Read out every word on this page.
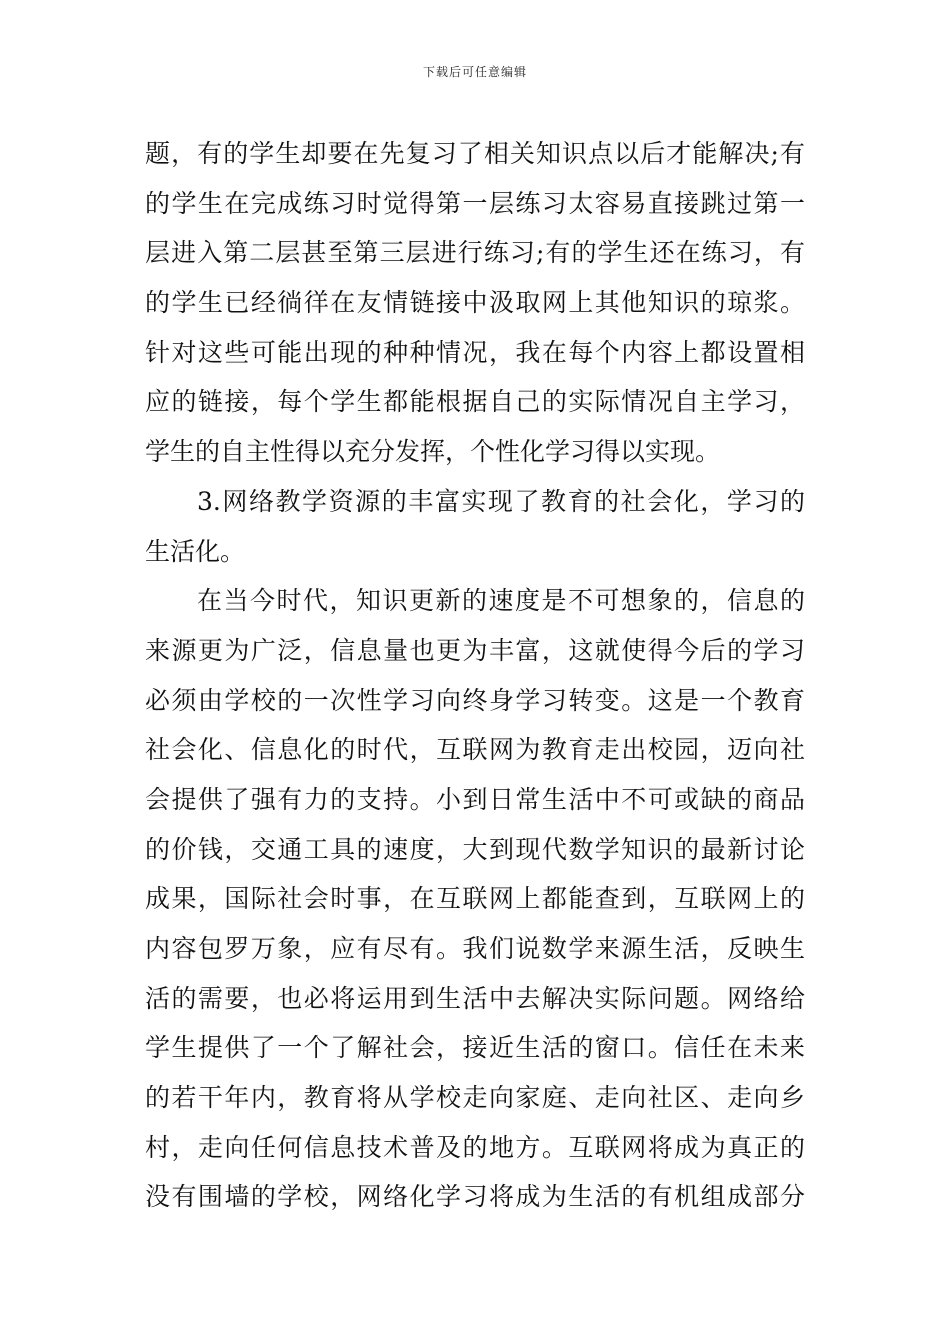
下载后可任意编辑
题，有的学生却要在先复习了相关知识点以后才能解决;有
的学生在完成练习时觉得第一层练习太容易直接跳过第一
层进入第二层甚至第三层进行练习;有的学生还在练习，有
的学生已经徜徉在友情链接中汲取网上其他知识的琼浆。
针对这些可能出现的种种情况，我在每个内容上都设置相
应的链接，每个学生都能根据自己的实际情况自主学习，
学生的自主性得以充分发挥，个性化学习得以实现。
3.网络教学资源的丰富实现了教育的社会化，学习的
生活化。
在当今时代，知识更新的速度是不可想象的，信息的
来源更为广泛，信息量也更为丰富，这就使得今后的学习
必须由学校的一次性学习向终身学习转变。这是一个教育
社会化、信息化的时代，互联网为教育走出校园，迈向社
会提供了强有力的支持。小到日常生活中不可或缺的商品
的价钱，交通工具的速度，大到现代数学知识的最新讨论
成果，国际社会时事，在互联网上都能查到，互联网上的
内容包罗万象，应有尽有。我们说数学来源生活，反映生
活的需要，也必将运用到生活中去解决实际问题。网络给
学生提供了一个了解社会，接近生活的窗口。信任在未来
的若干年内，教育将从学校走向家庭、走向社区、走向乡
村，走向任何信息技术普及的地方。互联网将成为真正的
没有围墙的学校，网络化学习将成为生活的有机组成部分
